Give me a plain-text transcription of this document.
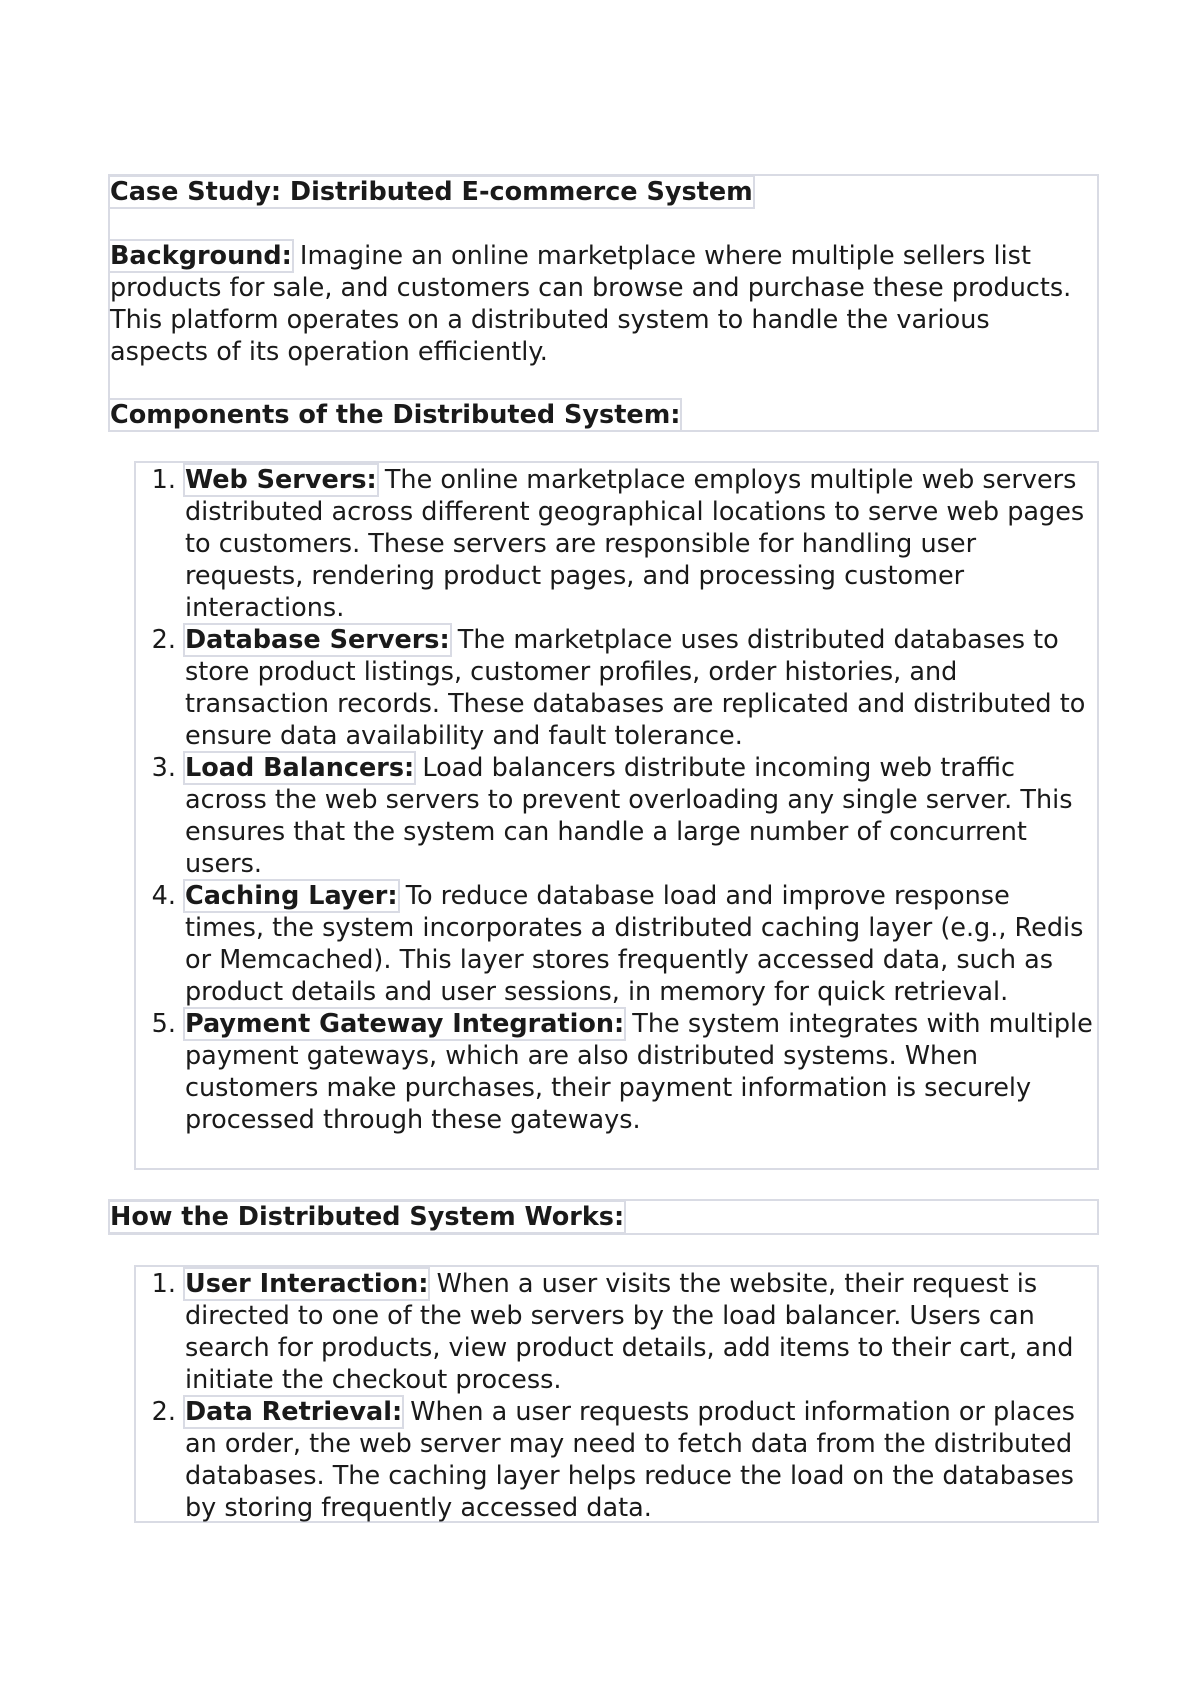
Case Study: Distributed E-commerce System
Background: Imagine an online marketplace where multiple sellers list products for sale, and customers can browse and purchase these products. This platform operates on a distributed system to handle the various aspects of its operation efficiently.
Components of the Distributed System:
1. Web Servers: The online marketplace employs multiple web servers distributed across different geographical locations to serve web pages to customers. These servers are responsible for handling user requests, rendering product pages, and processing customer interactions.
2. Database Servers: The marketplace uses distributed databases to store product listings, customer profiles, order histories, and transaction records. These databases are replicated and distributed to ensure data availability and fault tolerance.
3. Load Balancers: Load balancers distribute incoming web traffic across the web servers to prevent overloading any single server. This ensures that the system can handle a large number of concurrent users.
4. Caching Layer: To reduce database load and improve response times, the system incorporates a distributed caching layer (e.g., Redis or Memcached). This layer stores frequently accessed data, such as product details and user sessions, in memory for quick retrieval.
5. Payment Gateway Integration: The system integrates with multiple payment gateways, which are also distributed systems. When customers make purchases, their payment information is securely processed through these gateways.
How the Distributed System Works:
1. User Interaction: When a user visits the website, their request is directed to one of the web servers by the load balancer. Users can search for products, view product details, add items to their cart, and initiate the checkout process.
2. Data Retrieval: When a user requests product information or places an order, the web server may need to fetch data from the distributed databases. The caching layer helps reduce the load on the databases by storing frequently accessed data.
